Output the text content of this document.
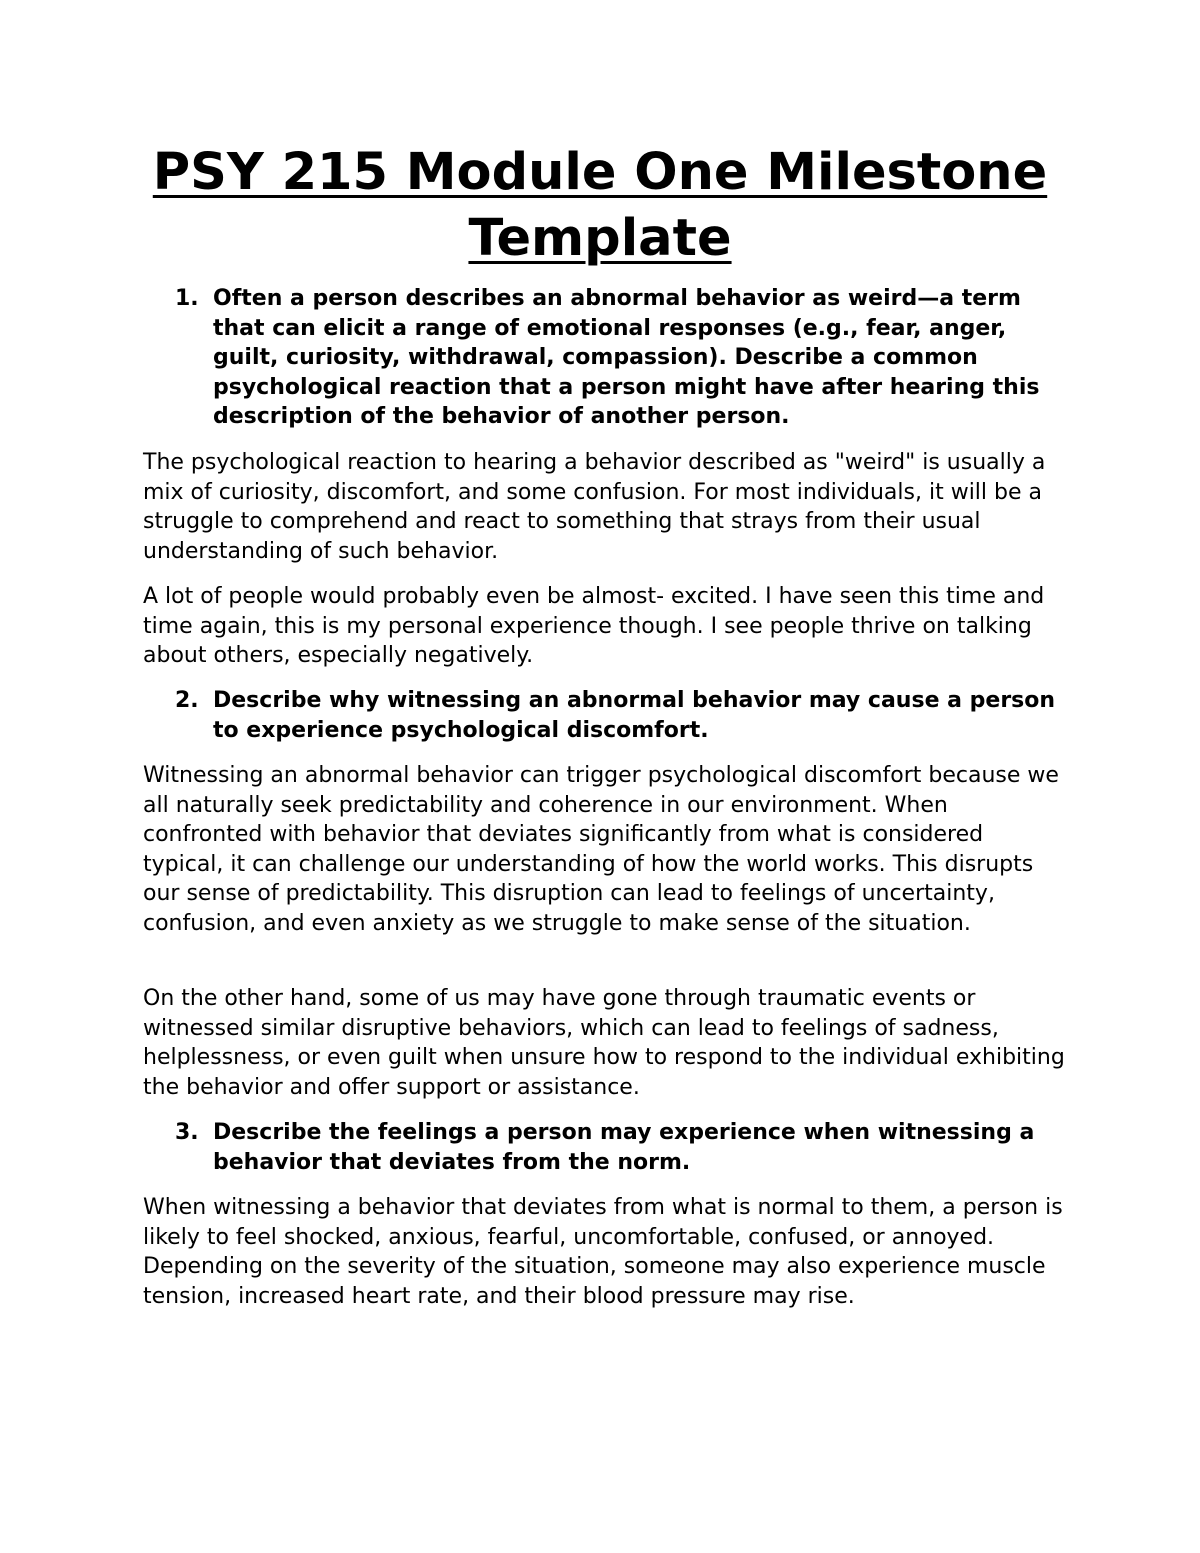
PSY 215 Module One Milestone Template
1. Often a person describes an abnormal behavior as weird—a term that can elicit a range of emotional responses (e.g., fear, anger, guilt, curiosity, withdrawal, compassion). Describe a common psychological reaction that a person might have after hearing this description of the behavior of another person.

The psychological reaction to hearing a behavior described as "weird" is usually a mix of curiosity, discomfort, and some confusion. For most individuals, it will be a struggle to comprehend and react to something that strays from their usual understanding of such behavior.

A lot of people would probably even be almost- excited. I have seen this time and time again, this is my personal experience though. I see people thrive on talking about others, especially negatively.

2. Describe why witnessing an abnormal behavior may cause a person to experience psychological discomfort.

Witnessing an abnormal behavior can trigger psychological discomfort because we all naturally seek predictability and coherence in our environment. When confronted with behavior that deviates significantly from what is considered typical, it can challenge our understanding of how the world works. This disrupts our sense of predictability. This disruption can lead to feelings of uncertainty, confusion, and even anxiety as we struggle to make sense of the situation.

On the other hand, some of us may have gone through traumatic events or witnessed similar disruptive behaviors, which can lead to feelings of sadness, helplessness, or even guilt when unsure how to respond to the individual exhibiting the behavior and offer support or assistance.

3. Describe the feelings a person may experience when witnessing a behavior that deviates from the norm.

When witnessing a behavior that deviates from what is normal to them, a person is likely to feel shocked, anxious, fearful, uncomfortable, confused, or annoyed. Depending on the severity of the situation, someone may also experience muscle tension, increased heart rate, and their blood pressure may rise.
